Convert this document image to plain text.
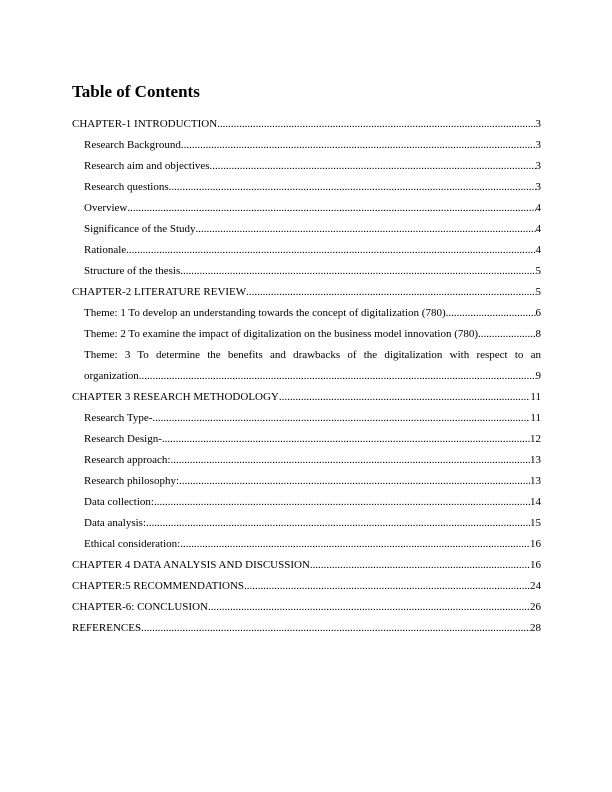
Table of Contents
CHAPTER-1 INTRODUCTION .....	3
Research Background .....	3
Research aim and objectives .....	3
Research questions .....	3
Overview .....	4
Significance of the Study .....	4
Rationale .....	4
Structure of the thesis .....	5
CHAPTER-2 LITERATURE REVIEW .....	5
Theme: 1 To develop an understanding towards the concept of digitalization (780) .....	6
Theme: 2 To examine the impact of digitalization on the business model innovation (780) .....	8
Theme: 3 To determine the benefits and drawbacks of the digitalization with respect to an
organization .....	9
CHAPTER 3 RESEARCH METHODOLOGY .....	11
Research Type- .....	11
Research Design- .....	12
Research approach: .....	13
Research philosophy: .....	13
Data collection: .....	14
Data analysis: .....	15
Ethical consideration: .....	16
CHAPTER 4 DATA ANALYSIS AND DISCUSSION .....	16
CHAPTER:5 RECOMMENDATIONS .....	24
CHAPTER-6: CONCLUSION .....	26
REFERENCES .....	28
